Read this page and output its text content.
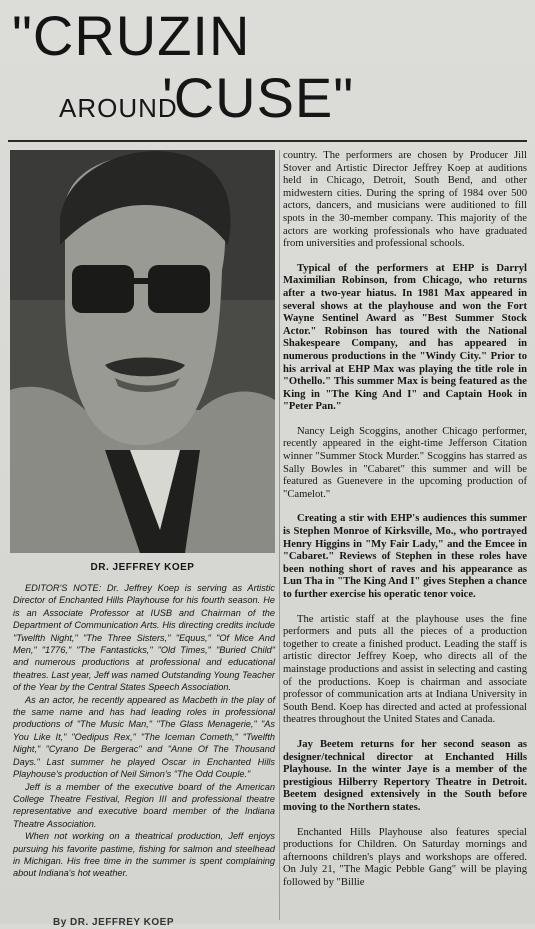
"CRUZIN
AROUND
'CUSE"
DR. JEFFREY KOEP

EDITOR'S NOTE: Dr. Jeffrey Koep is serving as Artistic Director of Enchanted Hills Playhouse for his fourth season. He is an Associate Professor at IUSB and Chairman of the Department of Communication Arts. His directing credits include "Twelfth Night," "The Three Sisters," "Equus," "Of Mice And Men," "1776," "The Fantasticks," "Old Times," "Buried Child" and numerous productions at professional and educational theatres. Last year, Jeff was named Outstanding Young Teacher of the Year by the Central States Speech Association.

As an actor, he recently appeared as Macbeth in the play of the same name and has had leading roles in professional productions of "The Music Man," "The Glass Menagerie," "As You Like It," "Oedipus Rex," "The Iceman Cometh," "Twelfth Night," "Cyrano De Bergerac" and "Anne Of The Thousand Days." Last summer he played Oscar in Enchanted Hills Playhouse's production of Neil Simon's "The Odd Couple."

Jeff is a member of the executive board of the American College Theatre Festival, Region III and professional theatre representative and executive board member of the Indiana Theatre Association.

When not working on a theatrical production, Jeff enjoys pursuing his favorite pastime, fishing for salmon and steelhead in Michigan. His free time in the summer is spent complaining about Indiana's hot weather.

By DR. JEFFREY KOEP

country. The performers are chosen by Producer Jill Stover and Artistic Director Jeffrey Koep at auditions held in Chicago, Detroit, South Bend, and other midwestern cities. During the spring of 1984 over 500 actors, dancers, and musicians were auditioned to fill spots in the 30-member company. This majority of the actors are working professionals who have graduated from universities and professional schools.

Typical of the performers at EHP is Darryl Maximilian Robinson, from Chicago, who returns after a two-year hiatus. In 1981 Max appeared in several shows at the playhouse and won the Fort Wayne Sentinel Award as "Best Summer Stock Actor." Robinson has toured with the National Shakespeare Company, and has appeared in numerous productions in the "Windy City." Prior to his arrival at EHP Max was playing the title role in "Othello." This summer Max is being featured as the King in "The King And I" and Captain Hook in "Peter Pan."

Nancy Leigh Scoggins, another Chicago performer, recently appeared in the eight-time Jefferson Citation winner "Summer Stock Murder." Scoggins has starred as Sally Bowles in "Cabaret" this summer and will be featured as Guenevere in the upcoming production of "Camelot."

Creating a stir with EHP's audiences this summer is Stephen Monroe of Kirksville, Mo., who portrayed Henry Higgins in "My Fair Lady," and the Emcee in "Cabaret." Reviews of Stephen in these roles have been nothing short of raves and his appearance as Lun Tha in "The King And I" gives Stephen a chance to further exercise his operatic tenor voice.

The artistic staff at the playhouse uses the fine performers and puts all the pieces of a production together to create a finished product. Leading the staff is artistic director Jeffrey Koep, who directs all of the mainstage productions and assist in selecting and casting of the productions. Koep is chairman and associate professor of communication arts at Indiana University in South Bend. Koep has directed and acted at professional theatres throughout the United States and Canada.

Jay Beetem returns for her second season as designer/technical director at Enchanted Hills Playhouse. In the winter Jaye is a member of the prestigious Hilberry Repertory Theatre in Detroit. Beetem designed extensively in the South before moving to the Northern states.

Enchanted Hills Playhouse also features special productions for Children. On Saturday mornings and afternoons children's plays and workshops are offered. On July 21, "The Magic Pebble Gang" will be playing followed by "Billie
